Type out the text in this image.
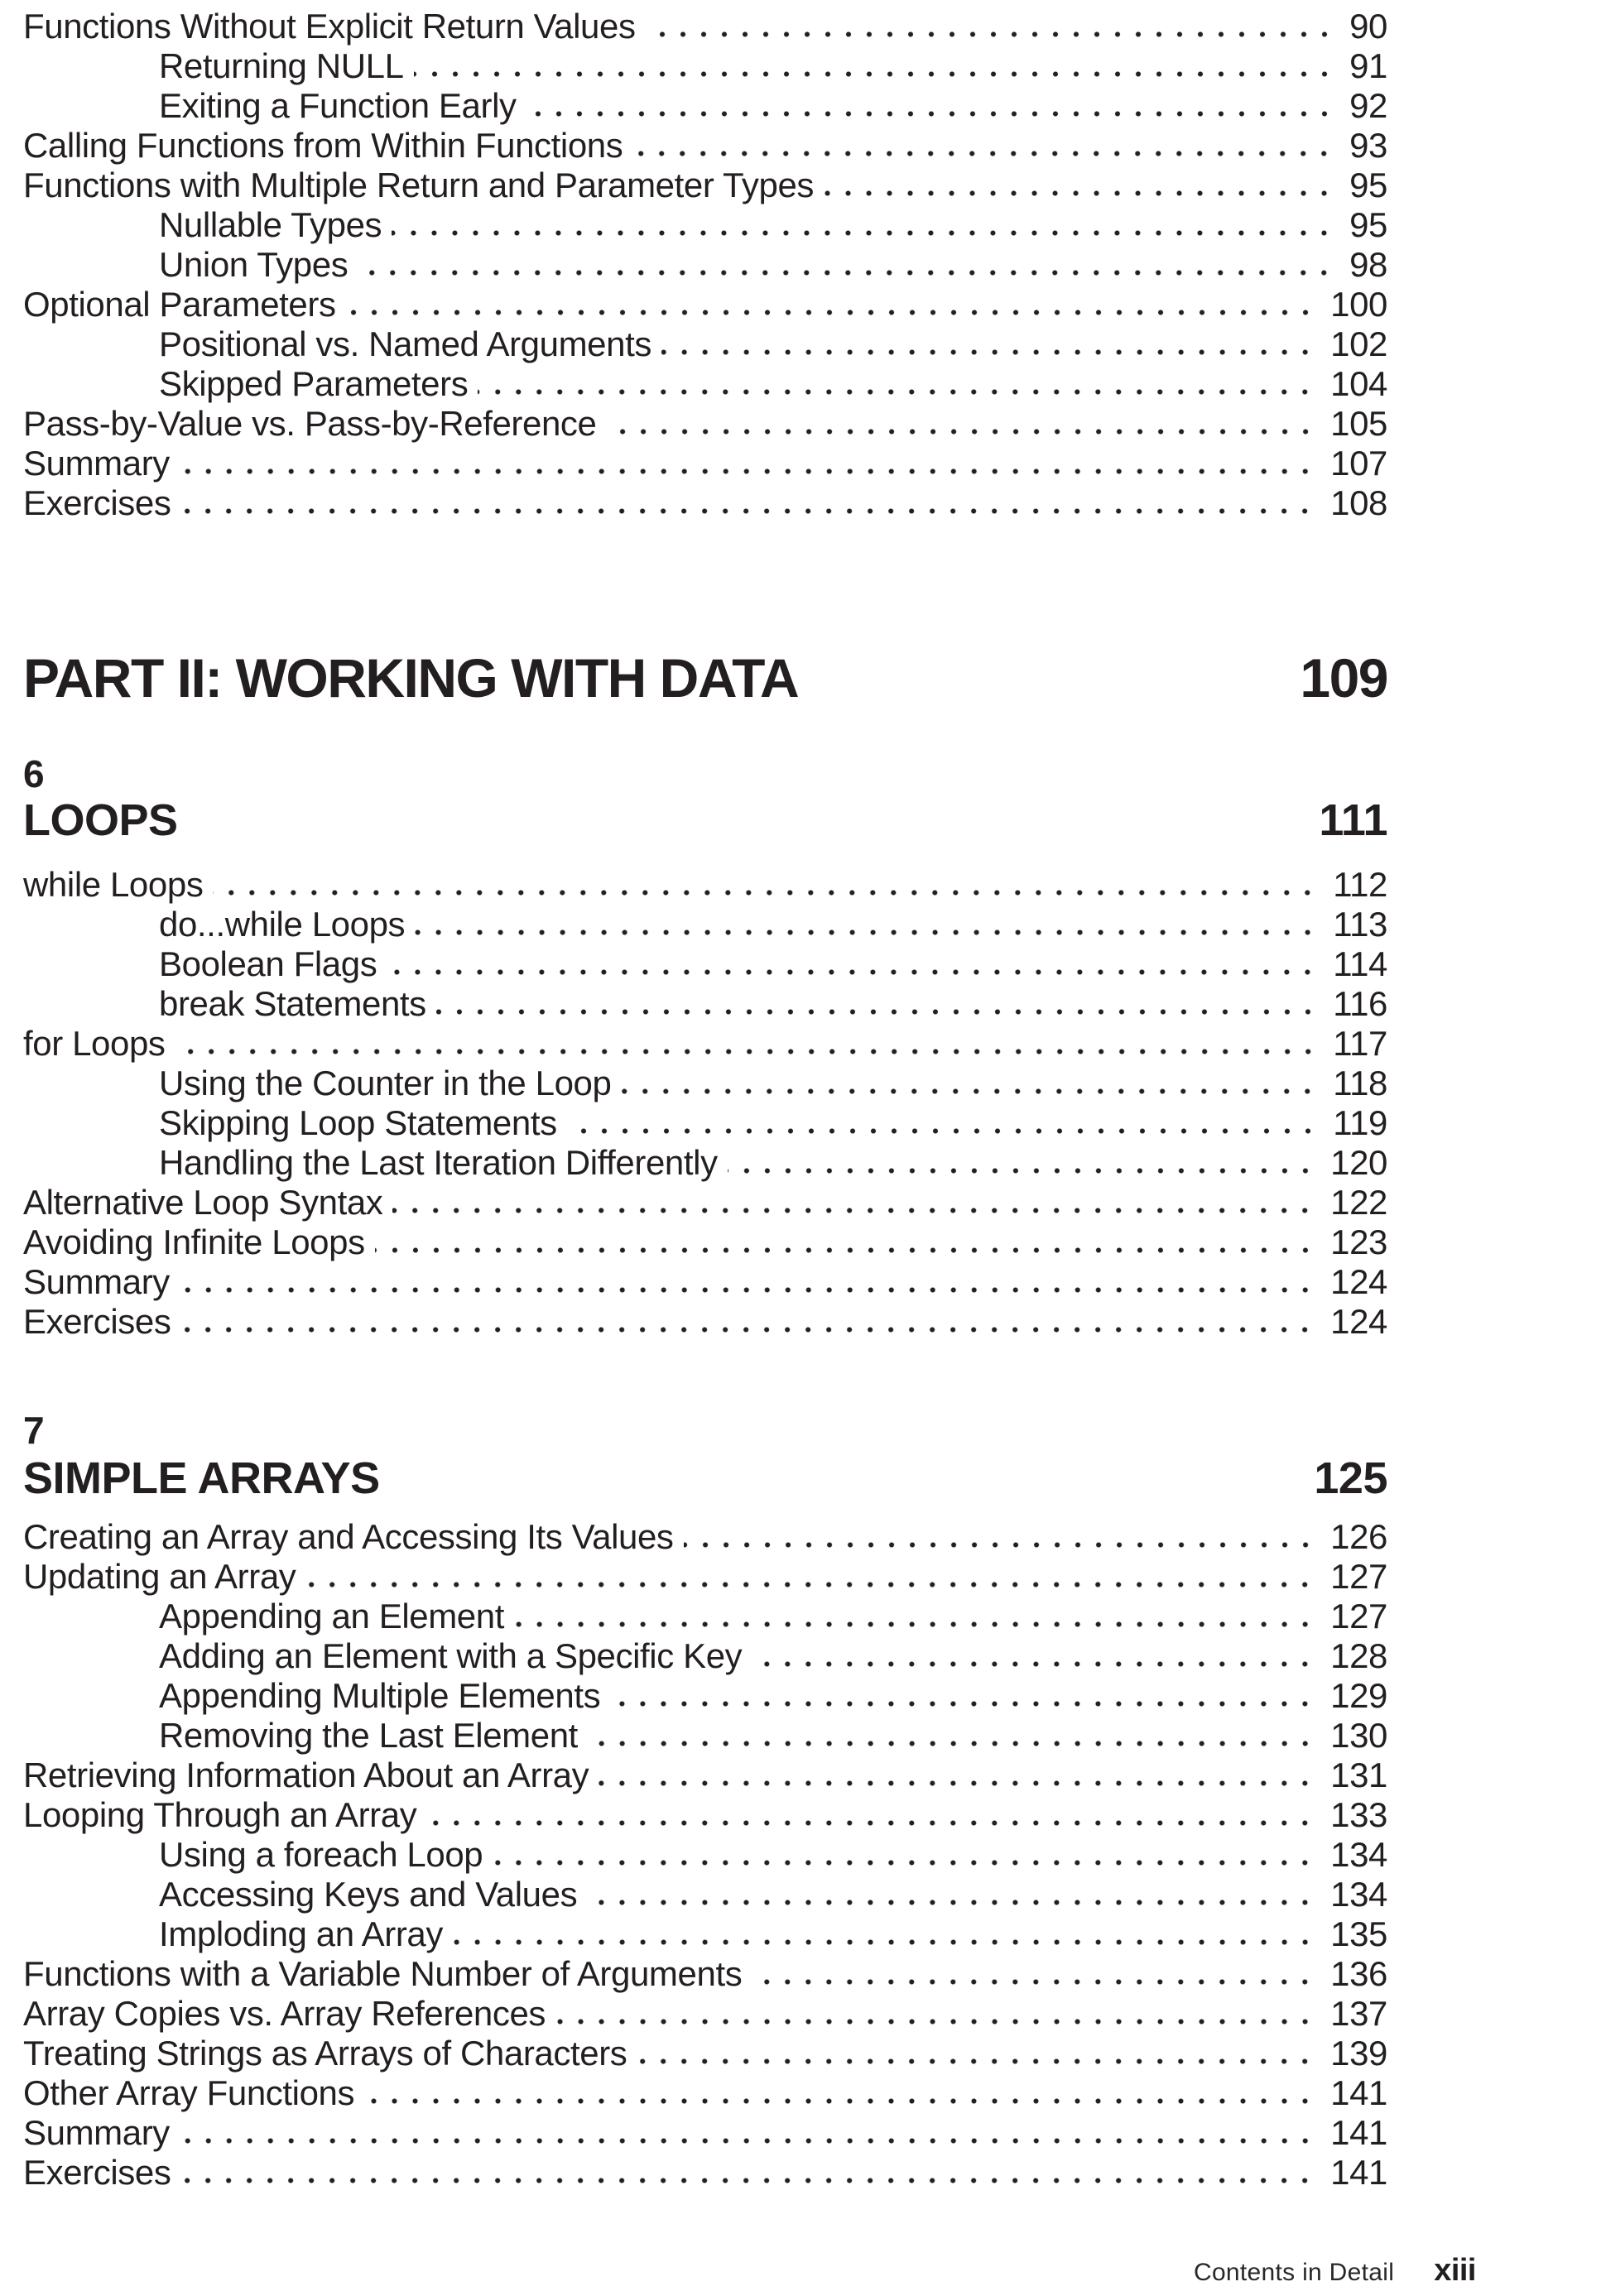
Functions Without Explicit Return Values	90
Returning NULL	91
Exiting a Function Early	92
Calling Functions from Within Functions	93
Functions with Multiple Return and Parameter Types	95
Nullable Types	95
Union Types	98
Optional Parameters	100
Positional vs. Named Arguments	102
Skipped Parameters	104
Pass-by-Value vs. Pass-by-Reference	105
Summary	107
Exercises	108
PART II: WORKING WITH DATA	109
6
LOOPS	111
while Loops	112
do...while Loops	113
Boolean Flags	114
break Statements	116
for Loops	117
Using the Counter in the Loop	118
Skipping Loop Statements	119
Handling the Last Iteration Differently	120
Alternative Loop Syntax	122
Avoiding Infinite Loops	123
Summary	124
Exercises	124
7
SIMPLE ARRAYS	125
Creating an Array and Accessing Its Values	126
Updating an Array	127
Appending an Element	127
Adding an Element with a Specific Key	128
Appending Multiple Elements	129
Removing the Last Element	130
Retrieving Information About an Array	131
Looping Through an Array	133
Using a foreach Loop	134
Accessing Keys and Values	134
Imploding an Array	135
Functions with a Variable Number of Arguments	136
Array Copies vs. Array References	137
Treating Strings as Arrays of Characters	139
Other Array Functions	141
Summary	141
Exercises	141
Contents in Detail xiii
